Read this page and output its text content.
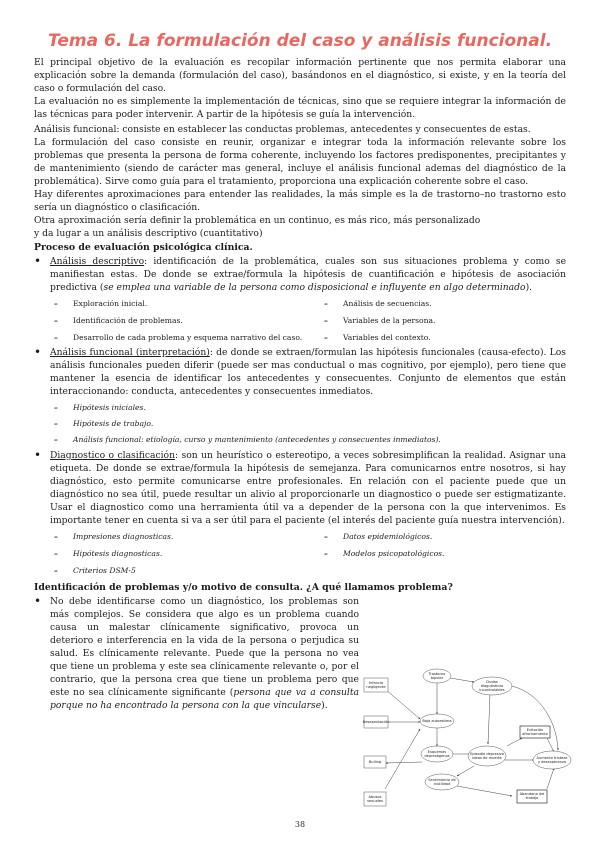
Tema 6. La formulación del caso y análisis funcional.

El principal objetivo de la evaluación es recopilar información pertinente que nos permita elaborar una explicación sobre la demanda (formulación del caso), basándonos en el diagnóstico, si existe, y en la teoría del caso o formulación del caso.

La evaluación no es simplemente la implementación de técnicas, sino que se requiere integrar la información de las técnicas para poder intervenir. A partir de la hipótesis se guía la intervención.

Análisis funcional: consiste en establecer las conductas problemas, antecedentes y consecuentes de estas.

La formulación del caso consiste en reunir, organizar e integrar toda la información relevante sobre los problemas que presenta la persona de forma coherente, incluyendo los factores predisponentes, precipitantes y de mantenimiento (siendo de carácter mas general, incluye el análisis funcional ademas del diagnóstico de la problemática). Sirve como guía para el tratamiento, proporciona una explicación coherente sobre el caso.

Hay diferentes aproximaciones para entender las realidades, la más simple es la de trastorno–no trastorno esto sería un diagnóstico o clasificación.

Otra aproximación sería definir la problemática en un continuo, es más rico, más personalizado

y da lugar a un análisis descriptivo (cuantitativo)

Proceso de evaluación psicológica clínica.
• Análisis descriptivo: identificación de la problemática, cuales son sus situaciones problema y como se manifiestan estas. De donde se extrae/formula la hipótesis de cuantificación e hipótesis de asociación predictiva (se emplea una variable de la persona como disposicional e influyente en algo determinado).
– Exploración inicial.	– Análisis de secuencias.
– Identificación de problemas.	– Variables de la persona.
– Desarrollo de cada problema y esquema narrativo del caso.	– Variables del contexto.
• Análisis funcional (interpretación): de donde se extraen/formulan las hipótesis funcionales (causa-efecto). Los análisis funcionales pueden diferir (puede ser mas conductual o mas cognitivo, por ejemplo), pero tiene que mantener la esencia de identificar los antecedentes y consecuentes. Conjunto de elementos que están interaccionando: conducta, antecedentes y consecuentes inmediatos.
– Hipótesis iniciales.
– Hipótesis de trabajo.
– Análisis funcional: etiología, curso y mantenimiento (antecedentes y consecuentes inmediatos).
• Diagnostico o clasificación: son un heurístico o estereotipo, a veces sobresimplifican la realidad. Asignar una etiqueta. De donde se extrae/formula la hipótesis de semejanza. Para comunicarnos entre nosotros, si hay diagnóstico, esto permite comunicarse entre profesionales. En relación con el paciente puede que un diagnóstico no sea útil, puede resultar un alivio al proporcionarle un diagnostico o puede ser estigmatizante. Usar el diagnostico como una herramienta útil va a depender de la persona con la que intervenimos. Es importante tener en cuenta si va a ser útil para el paciente (el interés del paciente guía nuestra intervención).
– Impresiones diagnosticas.	– Datos epidemiológicos.
– Hipótesis diagnosticas.	– Modelos psicopatológicos.
– Criterios DSM-5
Identificación de problemas y/o motivo de consulta. ¿A qué llamamos problema?
• No debe identificarse como un diagnóstico, los problemas son más complejos. Se considera que algo es un problema cuando causa un malestar clínicamente significativo, provoca un deterioro e interferencia en la vida de la persona o perjudica su salud. Es clínicamente relevante. Puede que la persona no vea que tiene un problema y este sea clínicamente relevante o, por el contrario, que la persona crea que tiene un problema pero que este no sea clínicamente significante (persona que va a consulta porque no ha encontrado la persona con la que vincularse).
Trastorno
bipolar
Dudas
diagnósticos
incontrolables
Infancia
negligente
Baja autoestima
Evitación
afrontamiento
Desaprobación
Esquemas
depresógenos	Episodio depresivo
ideas de muerte	Aumento tristeza
y desesperanza
Bulling
Sentimiento de
inutilidad
Abandono del
trabajo
Abusos
sexuales
38
